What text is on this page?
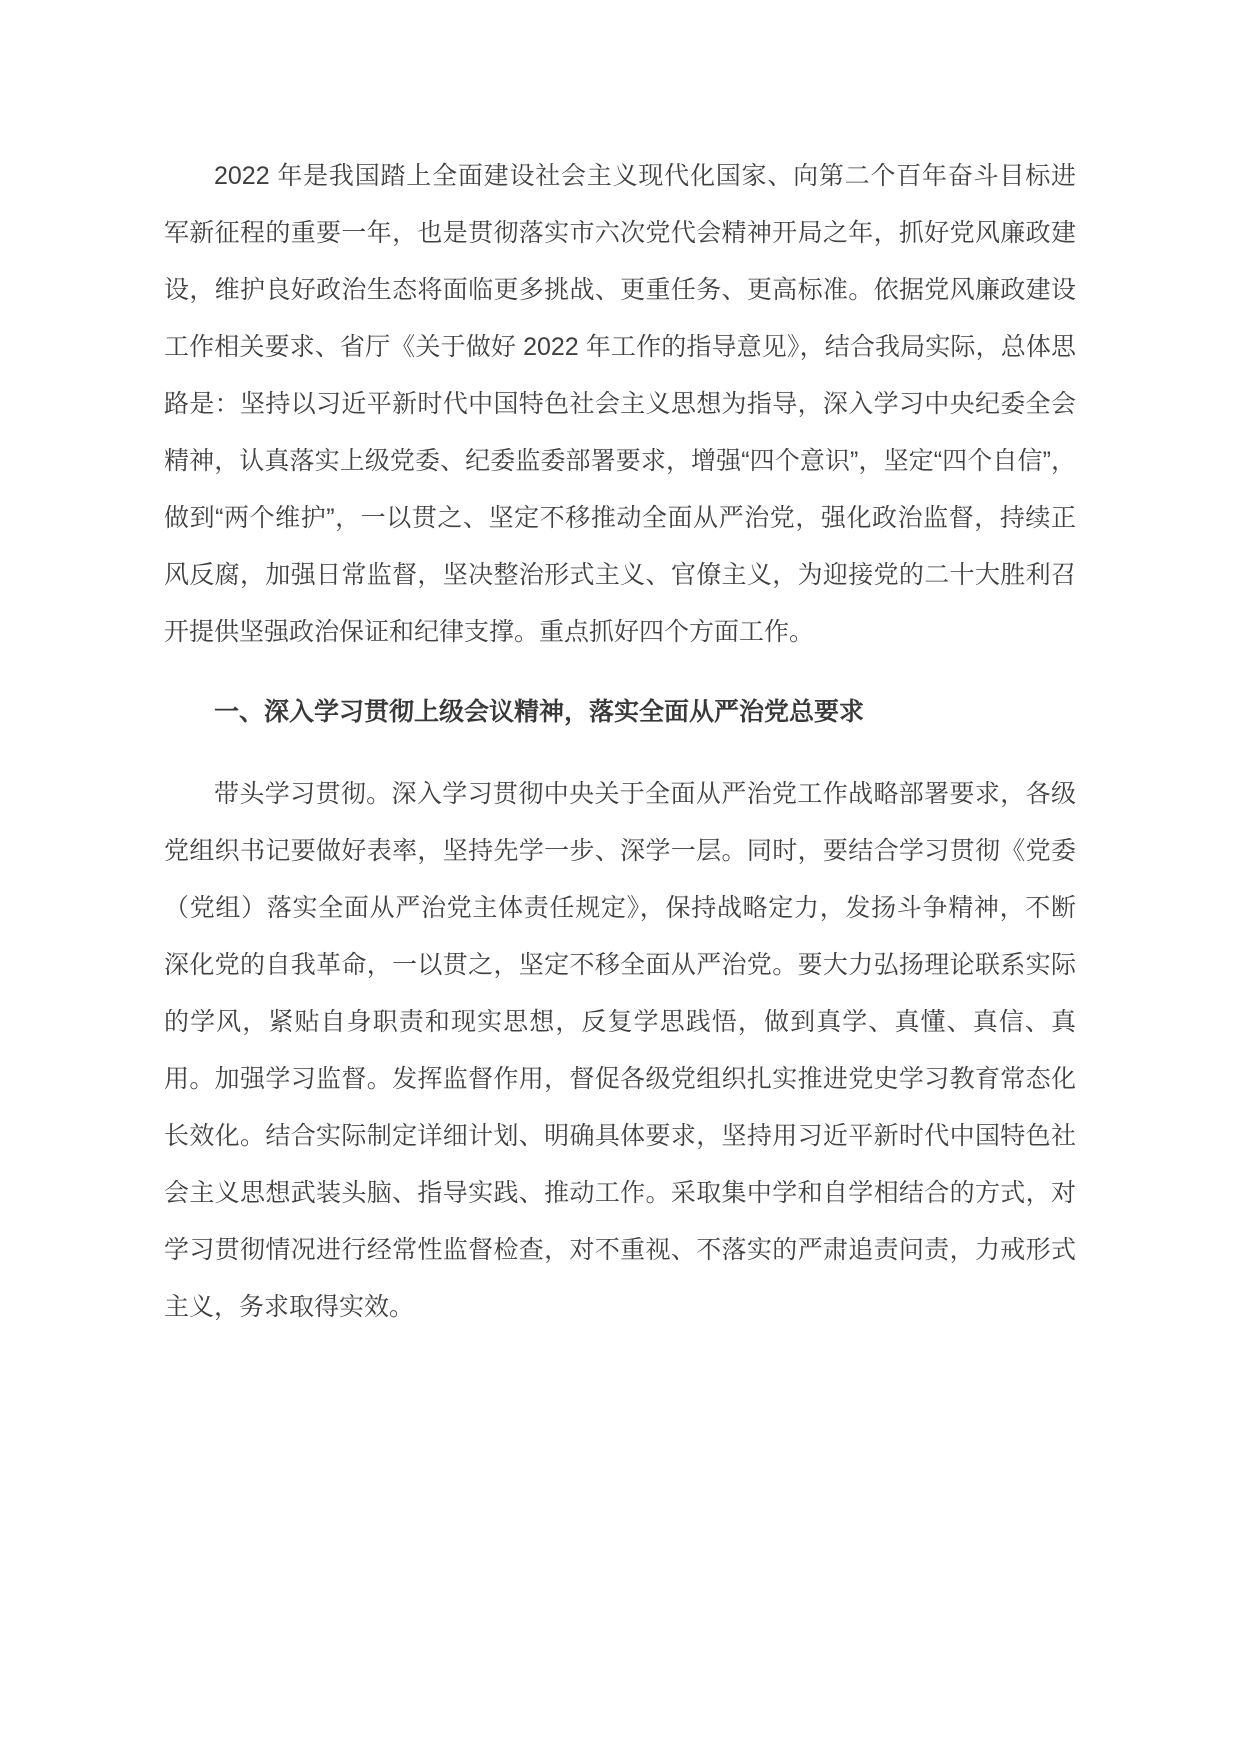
2022 年是我国踏上全面建设社会主义现代化国家、向第二个百年奋斗目标进军新征程的重要一年，也是贯彻落实市六次党代会精神开局之年，抓好党风廉政建设，维护良好政治生态将面临更多挑战、更重任务、更高标准。依据党风廉政建设工作相关要求、省厅《关于做好 2022 年工作的指导意见》，结合我局实际，总体思路是：坚持以习近平新时代中国特色社会主义思想为指导，深入学习中央纪委全会精神，认真落实上级党委、纪委监委部署要求，增强“四个意识”，坚定“四个自信”，做到“两个维护”，一以贯之、坚定不移推动全面从严治党，强化政治监督，持续正风反腐，加强日常监督，坚决整治形式主义、官僚主义，为迎接党的二十大胜利召开提供坚强政治保证和纪律支撑。重点抓好四个方面工作。

一、深入学习贯彻上级会议精神，落实全面从严治党总要求

带头学习贯彻。深入学习贯彻中央关于全面从严治党工作战略部署要求，各级党组织书记要做好表率，坚持先学一步、深学一层。同时，要结合学习贯彻《党委（党组）落实全面从严治党主体责任规定》，保持战略定力，发扬斗争精神，不断深化党的自我革命，一以贯之，坚定不移全面从严治党。要大力弘扬理论联系实际的学风，紧贴自身职责和现实思想，反复学思践悟，做到真学、真懂、真信、真用。加强学习监督。发挥监督作用，督促各级党组织扎实推进党史学习教育常态化长效化。结合实际制定详细计划、明确具体要求，坚持用习近平新时代中国特色社会主义思想武装头脑、指导实践、推动工作。采取集中学和自学相结合的方式，对学习贯彻情况进行经常性监督检查，对不重视、不落实的严肃追责问责，力戒形式主义，务求取得实效。
